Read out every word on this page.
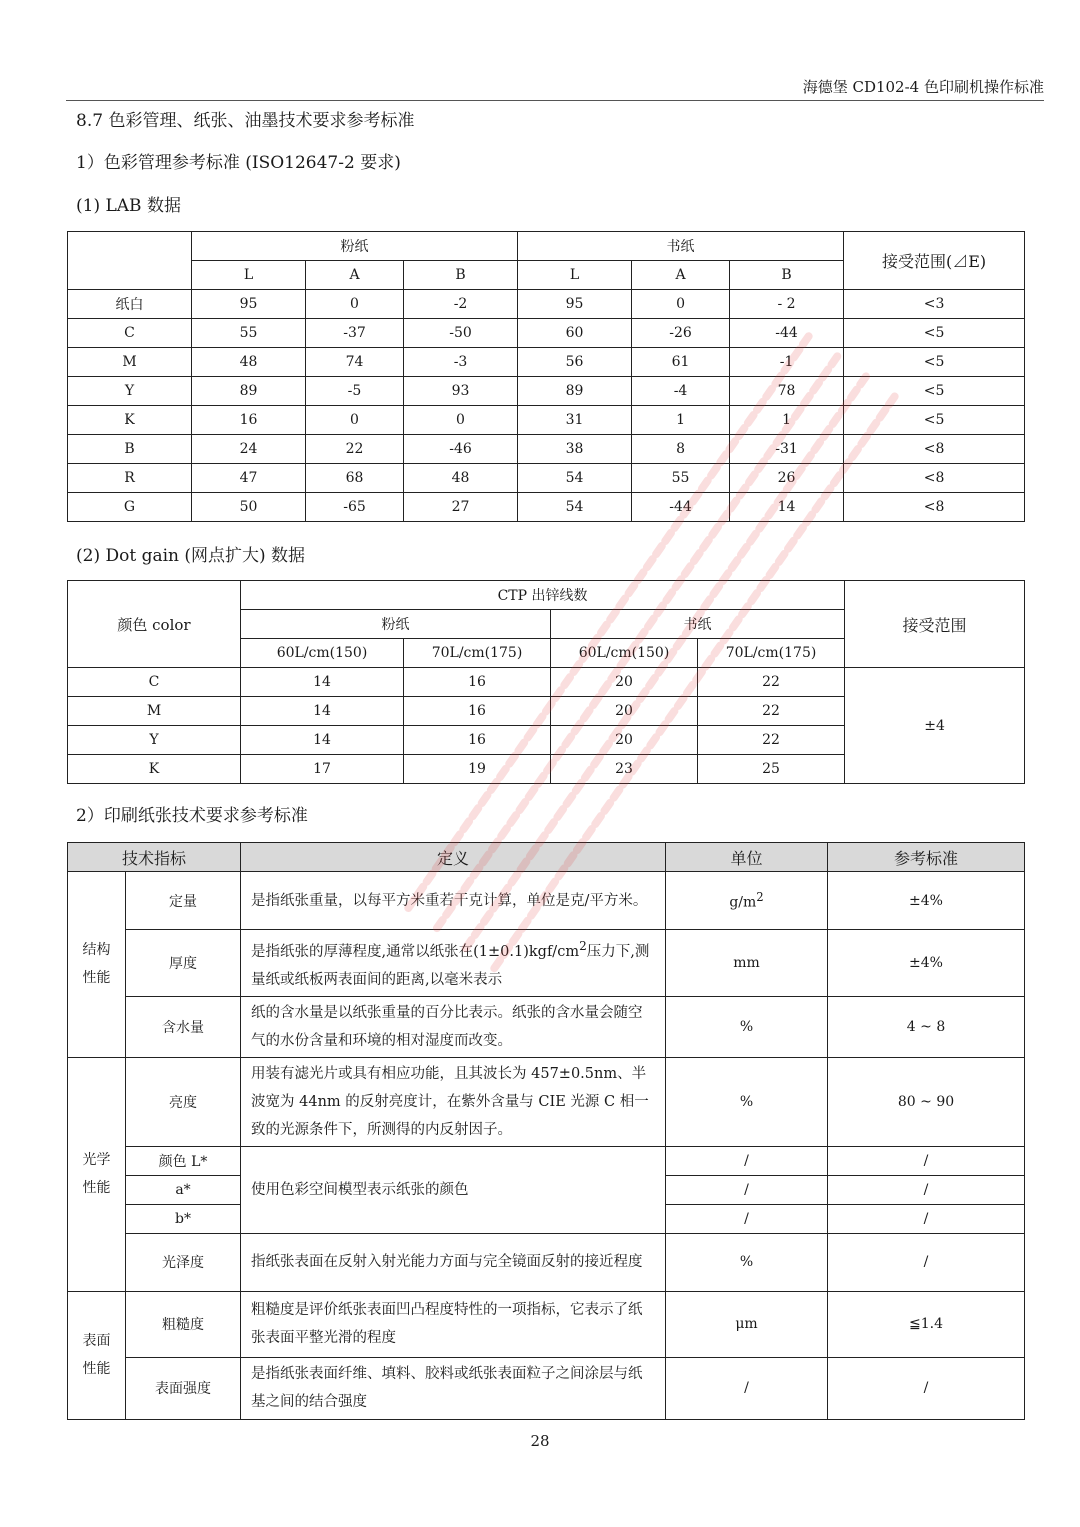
海德堡 CD102-4 色印刷机操作标准
8.7 色彩管理、纸张、油墨技术要求参考标准
1）色彩管理参考标准 (ISO12647-2 要求)
(1) LAB 数据
	粉纸			书纸			接受范围(⊿E)
	L	A	B	L	A	B	
纸白	95	0	-2	95	0	- 2	<3
C	55	-37	-50	60	-26	-44	<5
M	48	74	-3	56	61	-1	<5
Y	89	-5	93	89	-4	78	<5
K	16	0	0	31	1	1	<5
B	24	22	-46	38	8	-31	<8
R	47	68	48	54	55	26	<8
G	50	-65	27	54	-44	14	<8
(2) Dot gain (网点扩大) 数据
颜色 color	CTP 出锌线数				接受范围
	粉纸		书纸		
	60L/cm(150)	70L/cm(175)	60L/cm(150)	70L/cm(175)	
C	14	16	20	22	±4
M	14	16	20	22	
Y	14	16	20	22	
K	17	19	23	25	
2）印刷纸张技术要求参考标准
技术指标		定义	单位	参考标准
结构性能	定量	是指纸张重量，以每平方米重若干克计算，单位是克/平方米。	$g/m^2$	±4%
	厚度	是指纸张的厚薄程度,通常以纸张在$(1\pm 0.1)kgf/cm^2$压力下,测量纸或纸板两表面间的距离,以毫米表示	mm	±4%
	含水量	纸的含水量是以纸张重量的百分比表示。纸张的含水量会随空气的水份含量和环境的相对湿度而改变。	%	4 ~ 8
光学性能	亮度	用装有滤光片或具有相应功能，且其波长为 457±0.5nm、半波宽为 44nm 的反射亮度计，在紫外含量与 CIE 光源 C 相一致的光源条件下，所测得的内反射因子。	%	80 ~ 90
	颜色 L*	使用色彩空间模型表示纸张的颜色	/	/
	a*		/	/
	b*		/	/
	光泽度	指纸张表面在反射入射光能力方面与完全镜面反射的接近程度	%	/
表面性能	粗糙度	粗糙度是评价纸张表面凹凸程度特性的一项指标，它表示了纸张表面平整光滑的程度	μm	≦1.4
	表面强度	是指纸张表面纤维、填料、胶料或纸张表面粒子之间涂层与纸基之间的结合强度	/	/
28
